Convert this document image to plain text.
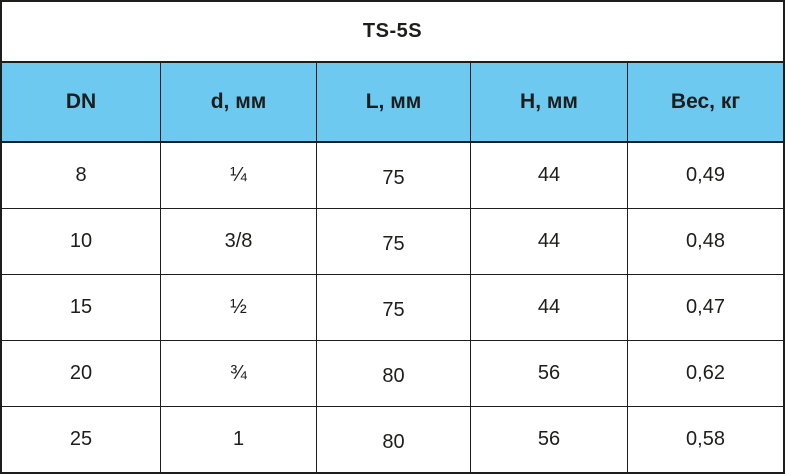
TS-5S
DN	d, мм	L, мм	H, мм	Вес, кг
8	¼	75	44	0,49
10	3/8	75	44	0,48
15	½	75	44	0,47
20	¾	80	56	0,62
25	1	80	56	0,58
